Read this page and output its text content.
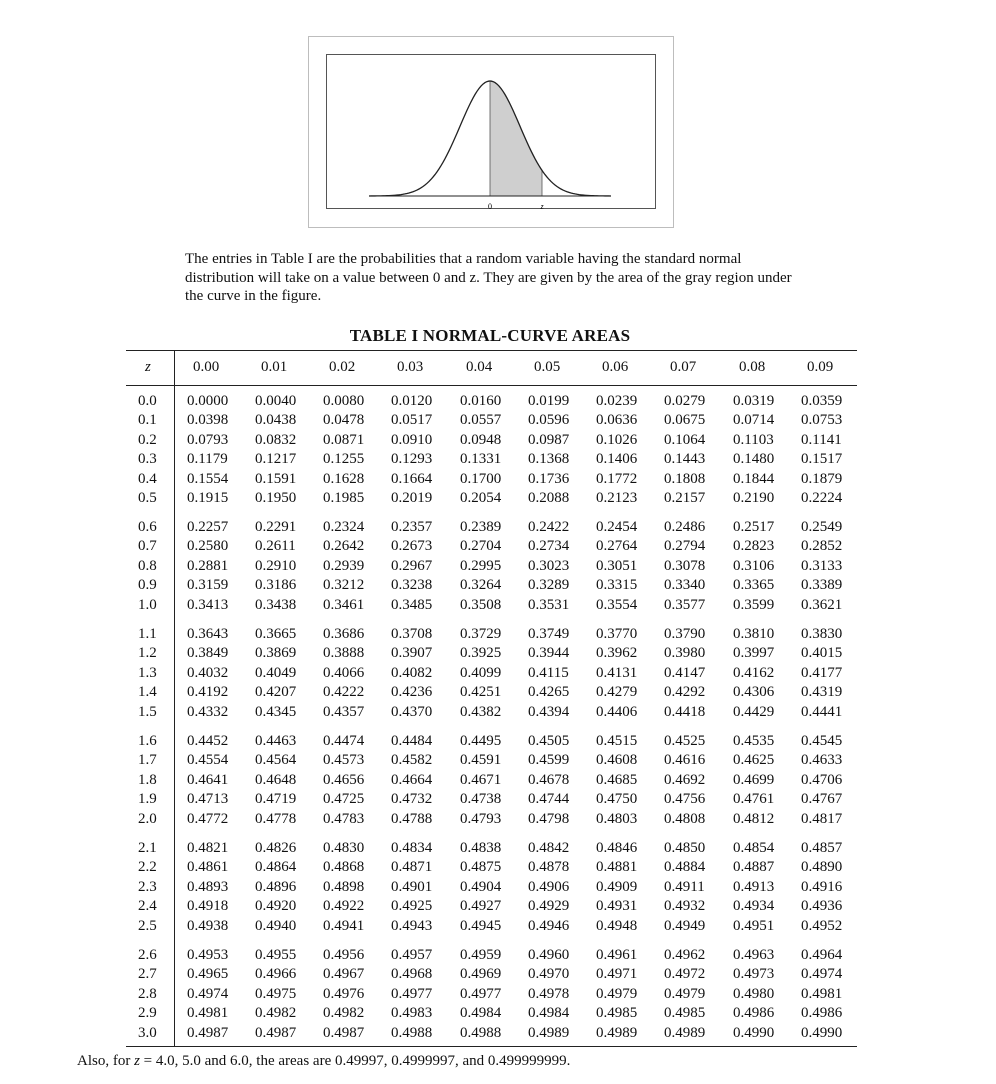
0	z
The entries in Table I are the probabilities that a random variable having the standard normal distribution will take on a value between 0 and z. They are given by the area of the gray region under the curve in the figure.
TABLE I NORMAL-CURVE AREAS
z	0.00	0.01	0.02	0.03	0.04	0.05	0.06	0.07	0.08	0.09
0.0 0.0000 0.0040 0.0080 0.0120 0.0160 0.0199 0.0239 0.0279 0.0319 0.0359
0.1 0.0398 0.0438 0.0478 0.0517 0.0557 0.0596 0.0636 0.0675 0.0714 0.0753
0.2 0.0793 0.0832 0.0871 0.0910 0.0948 0.0987 0.1026 0.1064 0.1103 0.1141
0.3 0.1179 0.1217 0.1255 0.1293 0.1331 0.1368 0.1406 0.1443 0.1480 0.1517
0.4 0.1554 0.1591 0.1628 0.1664 0.1700 0.1736 0.1772 0.1808 0.1844 0.1879
0.5 0.1915 0.1950 0.1985 0.2019 0.2054 0.2088 0.2123 0.2157 0.2190 0.2224
0.6 0.2257 0.2291 0.2324 0.2357 0.2389 0.2422 0.2454 0.2486 0.2517 0.2549
0.7 0.2580 0.2611 0.2642 0.2673 0.2704 0.2734 0.2764 0.2794 0.2823 0.2852
0.8 0.2881 0.2910 0.2939 0.2967 0.2995 0.3023 0.3051 0.3078 0.3106 0.3133
0.9 0.3159 0.3186 0.3212 0.3238 0.3264 0.3289 0.3315 0.3340 0.3365 0.3389
1.0 0.3413 0.3438 0.3461 0.3485 0.3508 0.3531 0.3554 0.3577 0.3599 0.3621
1.1 0.3643 0.3665 0.3686 0.3708 0.3729 0.3749 0.3770 0.3790 0.3810 0.3830
1.2 0.3849 0.3869 0.3888 0.3907 0.3925 0.3944 0.3962 0.3980 0.3997 0.4015
1.3 0.4032 0.4049 0.4066 0.4082 0.4099 0.4115 0.4131 0.4147 0.4162 0.4177
1.4 0.4192 0.4207 0.4222 0.4236 0.4251 0.4265 0.4279 0.4292 0.4306 0.4319
1.5 0.4332 0.4345 0.4357 0.4370 0.4382 0.4394 0.4406 0.4418 0.4429 0.4441
1.6 0.4452 0.4463 0.4474 0.4484 0.4495 0.4505 0.4515 0.4525 0.4535 0.4545
1.7 0.4554 0.4564 0.4573 0.4582 0.4591 0.4599 0.4608 0.4616 0.4625 0.4633
1.8 0.4641 0.4648 0.4656 0.4664 0.4671 0.4678 0.4685 0.4692 0.4699 0.4706
1.9 0.4713 0.4719 0.4725 0.4732 0.4738 0.4744 0.4750 0.4756 0.4761 0.4767
2.0 0.4772 0.4778 0.4783 0.4788 0.4793 0.4798 0.4803 0.4808 0.4812 0.4817
2.1 0.4821 0.4826 0.4830 0.4834 0.4838 0.4842 0.4846 0.4850 0.4854 0.4857
2.2 0.4861 0.4864 0.4868 0.4871 0.4875 0.4878 0.4881 0.4884 0.4887 0.4890
2.3 0.4893 0.4896 0.4898 0.4901 0.4904 0.4906 0.4909 0.4911 0.4913 0.4916
2.4 0.4918 0.4920 0.4922 0.4925 0.4927 0.4929 0.4931 0.4932 0.4934 0.4936
2.5 0.4938 0.4940 0.4941 0.4943 0.4945 0.4946 0.4948 0.4949 0.4951 0.4952
2.6 0.4953 0.4955 0.4956 0.4957 0.4959 0.4960 0.4961 0.4962 0.4963 0.4964
2.7 0.4965 0.4966 0.4967 0.4968 0.4969 0.4970 0.4971 0.4972 0.4973 0.4974
2.8 0.4974 0.4975 0.4976 0.4977 0.4977 0.4978 0.4979 0.4979 0.4980 0.4981
2.9 0.4981 0.4982 0.4982 0.4983 0.4984 0.4984 0.4985 0.4985 0.4986 0.4986
3.0 0.4987 0.4987 0.4987 0.4988 0.4988 0.4989 0.4989 0.4989 0.4990 0.4990
Also, for z = 4.0, 5.0 and 6.0, the areas are 0.49997, 0.4999997, and 0.499999999.
